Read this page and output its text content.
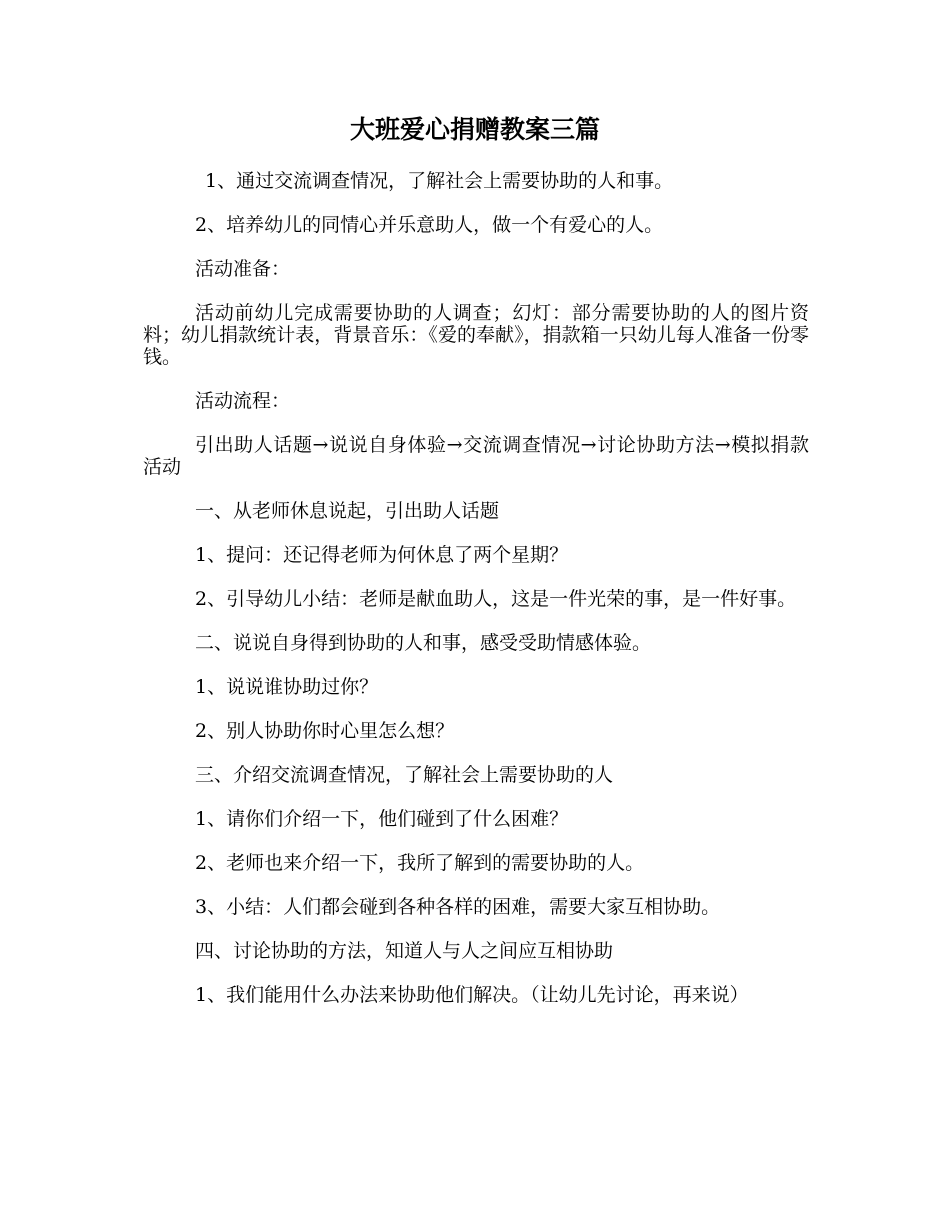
大班爱心捐赠教案三篇

1、通过交流调查情况，了解社会上需要协助的人和事。

2、培养幼儿的同情心并乐意助人，做一个有爱心的人。

活动准备：

活动前幼儿完成需要协助的人调查；幻灯：部分需要协助的人的图片资料；幼儿捐款统计表，背景音乐：《爱的奉献》，捐款箱一只幼儿每人准备一份零钱。

活动流程：

引出助人话题→说说自身体验→交流调查情况→讨论协助方法→模拟捐款活动

一、从老师休息说起，引出助人话题

1、提问：还记得老师为何休息了两个星期？

2、引导幼儿小结：老师是献血助人，这是一件光荣的事，是一件好事。

二、说说自身得到协助的人和事，感受受助情感体验。

1、说说谁协助过你？

2、别人协助你时心里怎么想？

三、介绍交流调查情况，了解社会上需要协助的人

1、请你们介绍一下，他们碰到了什么困难？

2、老师也来介绍一下，我所了解到的需要协助的人。

3、小结：人们都会碰到各种各样的困难，需要大家互相协助。

四、讨论协助的方法，知道人与人之间应互相协助

1、我们能用什么办法来协助他们解决。（让幼儿先讨论，再来说）
